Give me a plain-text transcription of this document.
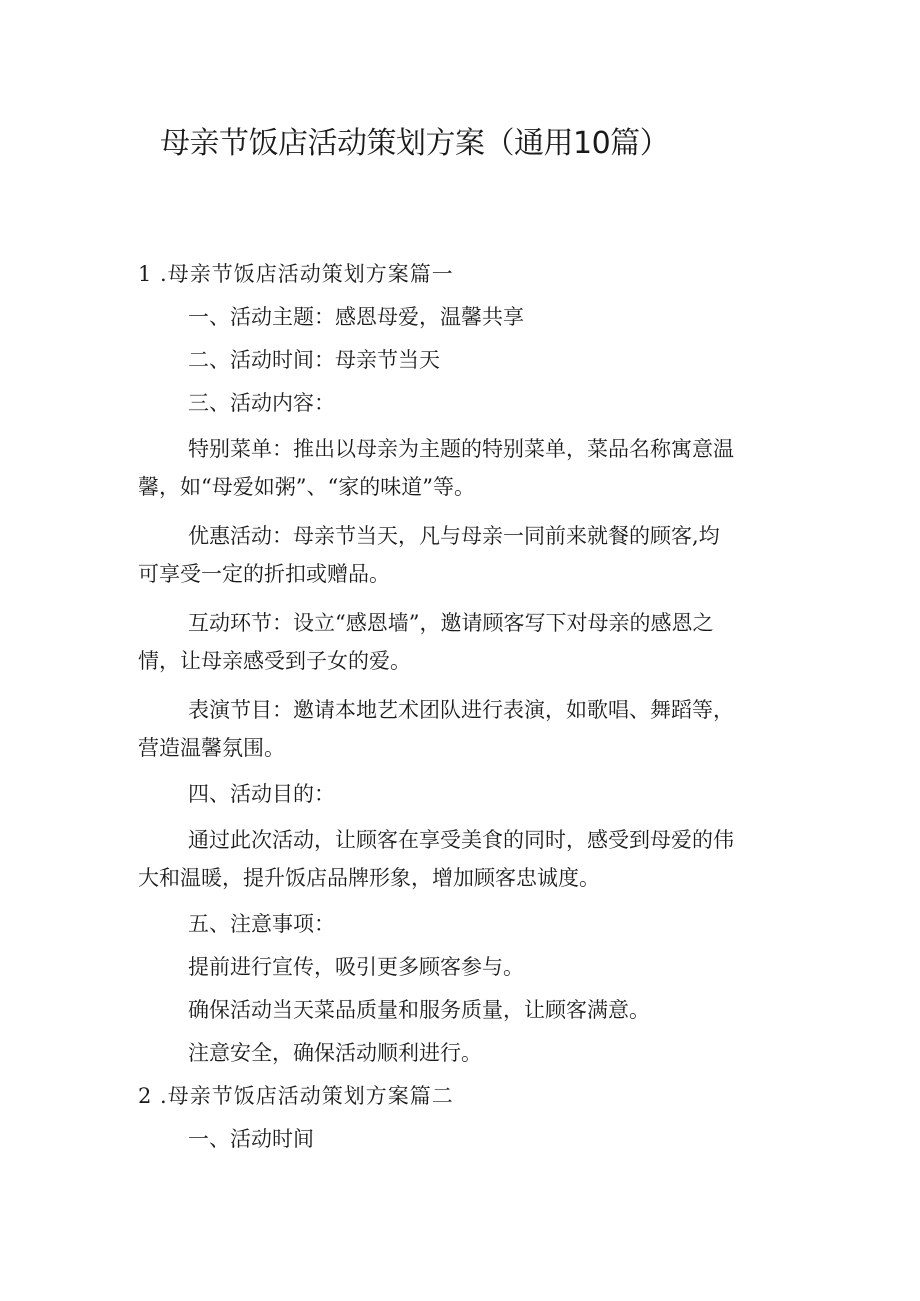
母亲节饭店活动策划方案（通用10篇）

1 .母亲节饭店活动策划方案篇一

一、活动主题：感恩母爱，温馨共享

二、活动时间：母亲节当天

三、活动内容：

特别菜单：推出以母亲为主题的特别菜单，菜品名称寓意温

馨，如“母爱如粥”、“家的味道”等。

优惠活动：母亲节当天，凡与母亲一同前来就餐的顾客,均

可享受一定的折扣或赠品。

互动环节：设立“感恩墙”，邀请顾客写下对母亲的感恩之

情，让母亲感受到子女的爱。

表演节目：邀请本地艺术团队进行表演，如歌唱、舞蹈等，

营造温馨氛围。

四、活动目的：

通过此次活动，让顾客在享受美食的同时，感受到母爱的伟

大和温暖，提升饭店品牌形象，增加顾客忠诚度。

五、注意事项：

提前进行宣传，吸引更多顾客参与。

确保活动当天菜品质量和服务质量，让顾客满意。

注意安全，确保活动顺利进行。

2 .母亲节饭店活动策划方案篇二

一、活动时间
